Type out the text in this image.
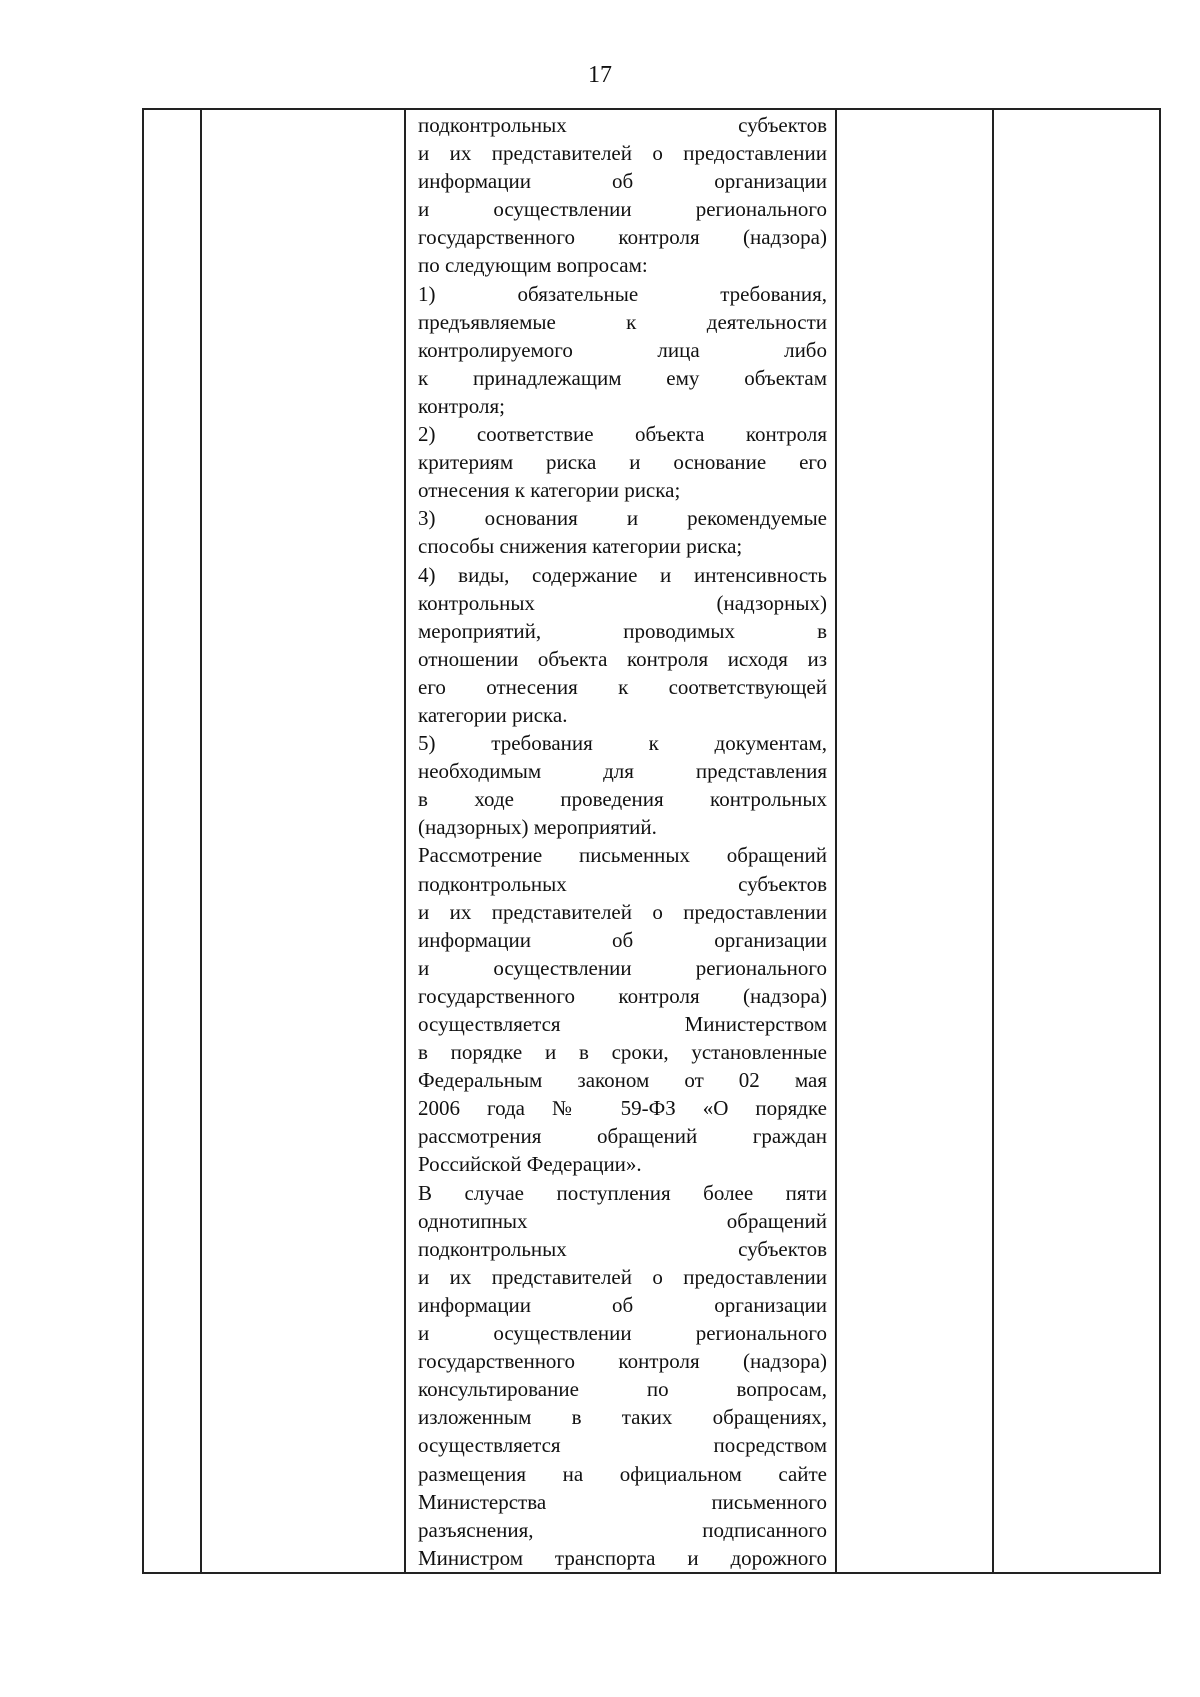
17

подконтрольных субъектов
и их представителей о предоставлении
информации об организации
и осуществлении регионального
государственного контроля (надзора)
по следующим вопросам:
1) обязательные требования,
предъявляемые к деятельности
контролируемого лица либо
к принадлежащим ему объектам
контроля;
2) соответствие объекта контроля
критериям риска и основание его
отнесения к категории риска;
3) основания и рекомендуемые
способы снижения категории риска;
4) виды, содержание и интенсивность
контрольных (надзорных)
мероприятий, проводимых в
отношении объекта контроля исходя из
его отнесения к соответствующей
категории риска.
5) требования к документам,
необходимым для представления
в ходе проведения контрольных
(надзорных) мероприятий.
Рассмотрение письменных обращений
подконтрольных субъектов
и их представителей о предоставлении
информации об организации
и осуществлении регионального
государственного контроля (надзора)
осуществляется Министерством
в порядке и в сроки, установленные
Федеральным законом от 02 мая
2006 года № 59-ФЗ «О порядке
рассмотрения обращений граждан
Российской Федерации».
В случае поступления более пяти
однотипных обращений
подконтрольных субъектов
и их представителей о предоставлении
информации об организации
и осуществлении регионального
государственного контроля (надзора)
консультирование по вопросам,
изложенным в таких обращениях,
осуществляется посредством
размещения на официальном сайте
Министерства письменного
разъяснения, подписанного
Министром транспорта и дорожного
